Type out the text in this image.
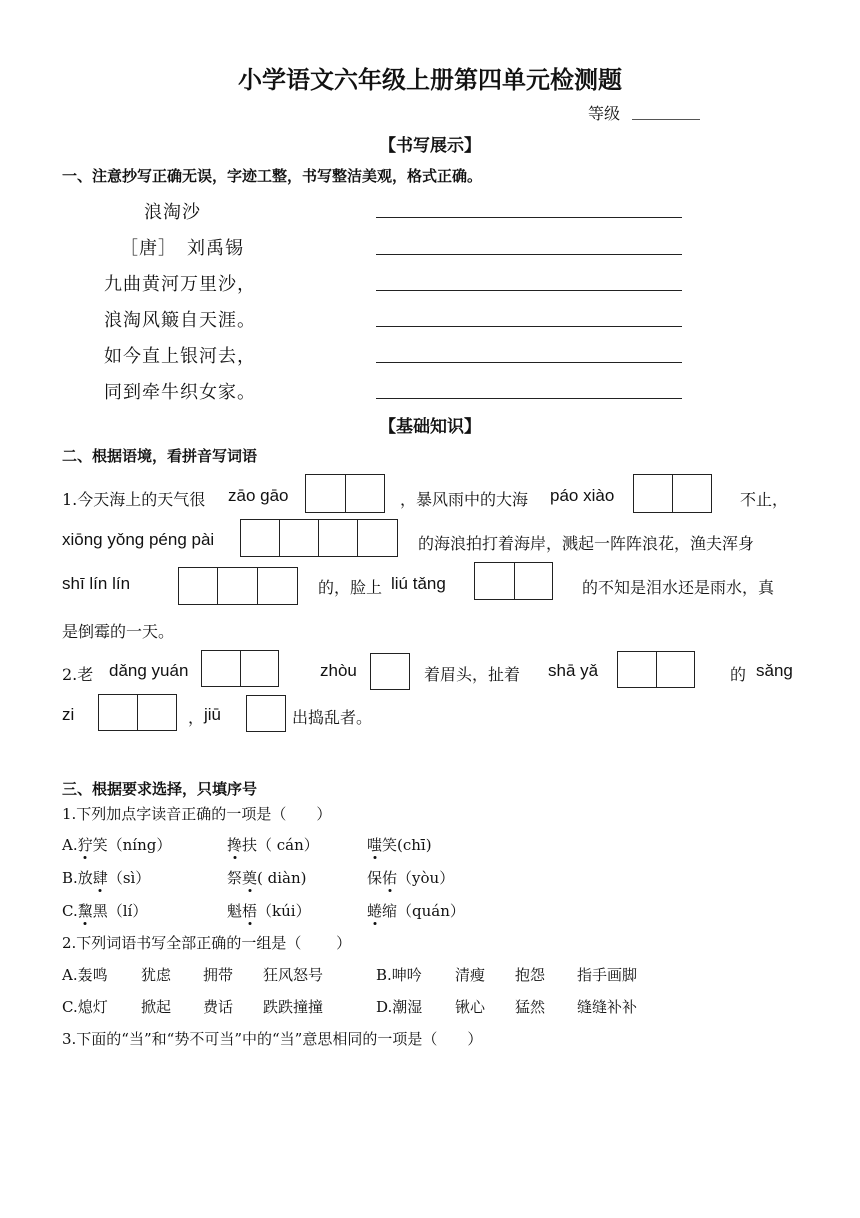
小学语文六年级上册第四单元检测题
等级
【书写展示】
一、注意抄写正确无误，字迹工整，书写整洁美观，格式正确。
浪淘沙
［唐］　刘禹锡
九曲黄河万里沙，
浪淘风簸自天涯。
如今直上银河去，
同到牵牛织女家。
【基础知识】
二、根据语境，看拼音写词语
1.今天海上的天气很 zāo gāo	，暴风雨中的大海 páo xiào	不止，
xiōng yǒng péng pài	的海浪拍打着海岸，溅起一阵阵浪花，渔夫浑身
shī lín lín	的，脸上 liú tǎng	的不知是泪水还是雨水，真
是倒霉的一天。
2.老 dǎng yuán	zhòu	着眉头，扯着 shā yǎ	的 sǎng
zi	， jiū	出捣乱者。
三、根据要求选择，只填序号
1.下列加点字读音正确的一项是（　　）
A.狞笑（níng）	搀扶（ cán）	嗤笑(chī)
B.放肆（sì）	祭奠( diàn)	保佑（yòu）
C.黧黑（lí）	魁梧（kúi）	蜷缩（quán）
2.下列词语书写全部正确的一组是（　　 ）
A.轰鸣 犹虑 拥带 狂风怒号	B.呻吟 清瘦 抱怨 指手画脚
C.熄灯 掀起 费话 跌跌撞撞	D.潮湿 锹心 猛然 缝缝补补
3.下面的“当”和“势不可当”中的“当”意思相同的一项是（　　）
